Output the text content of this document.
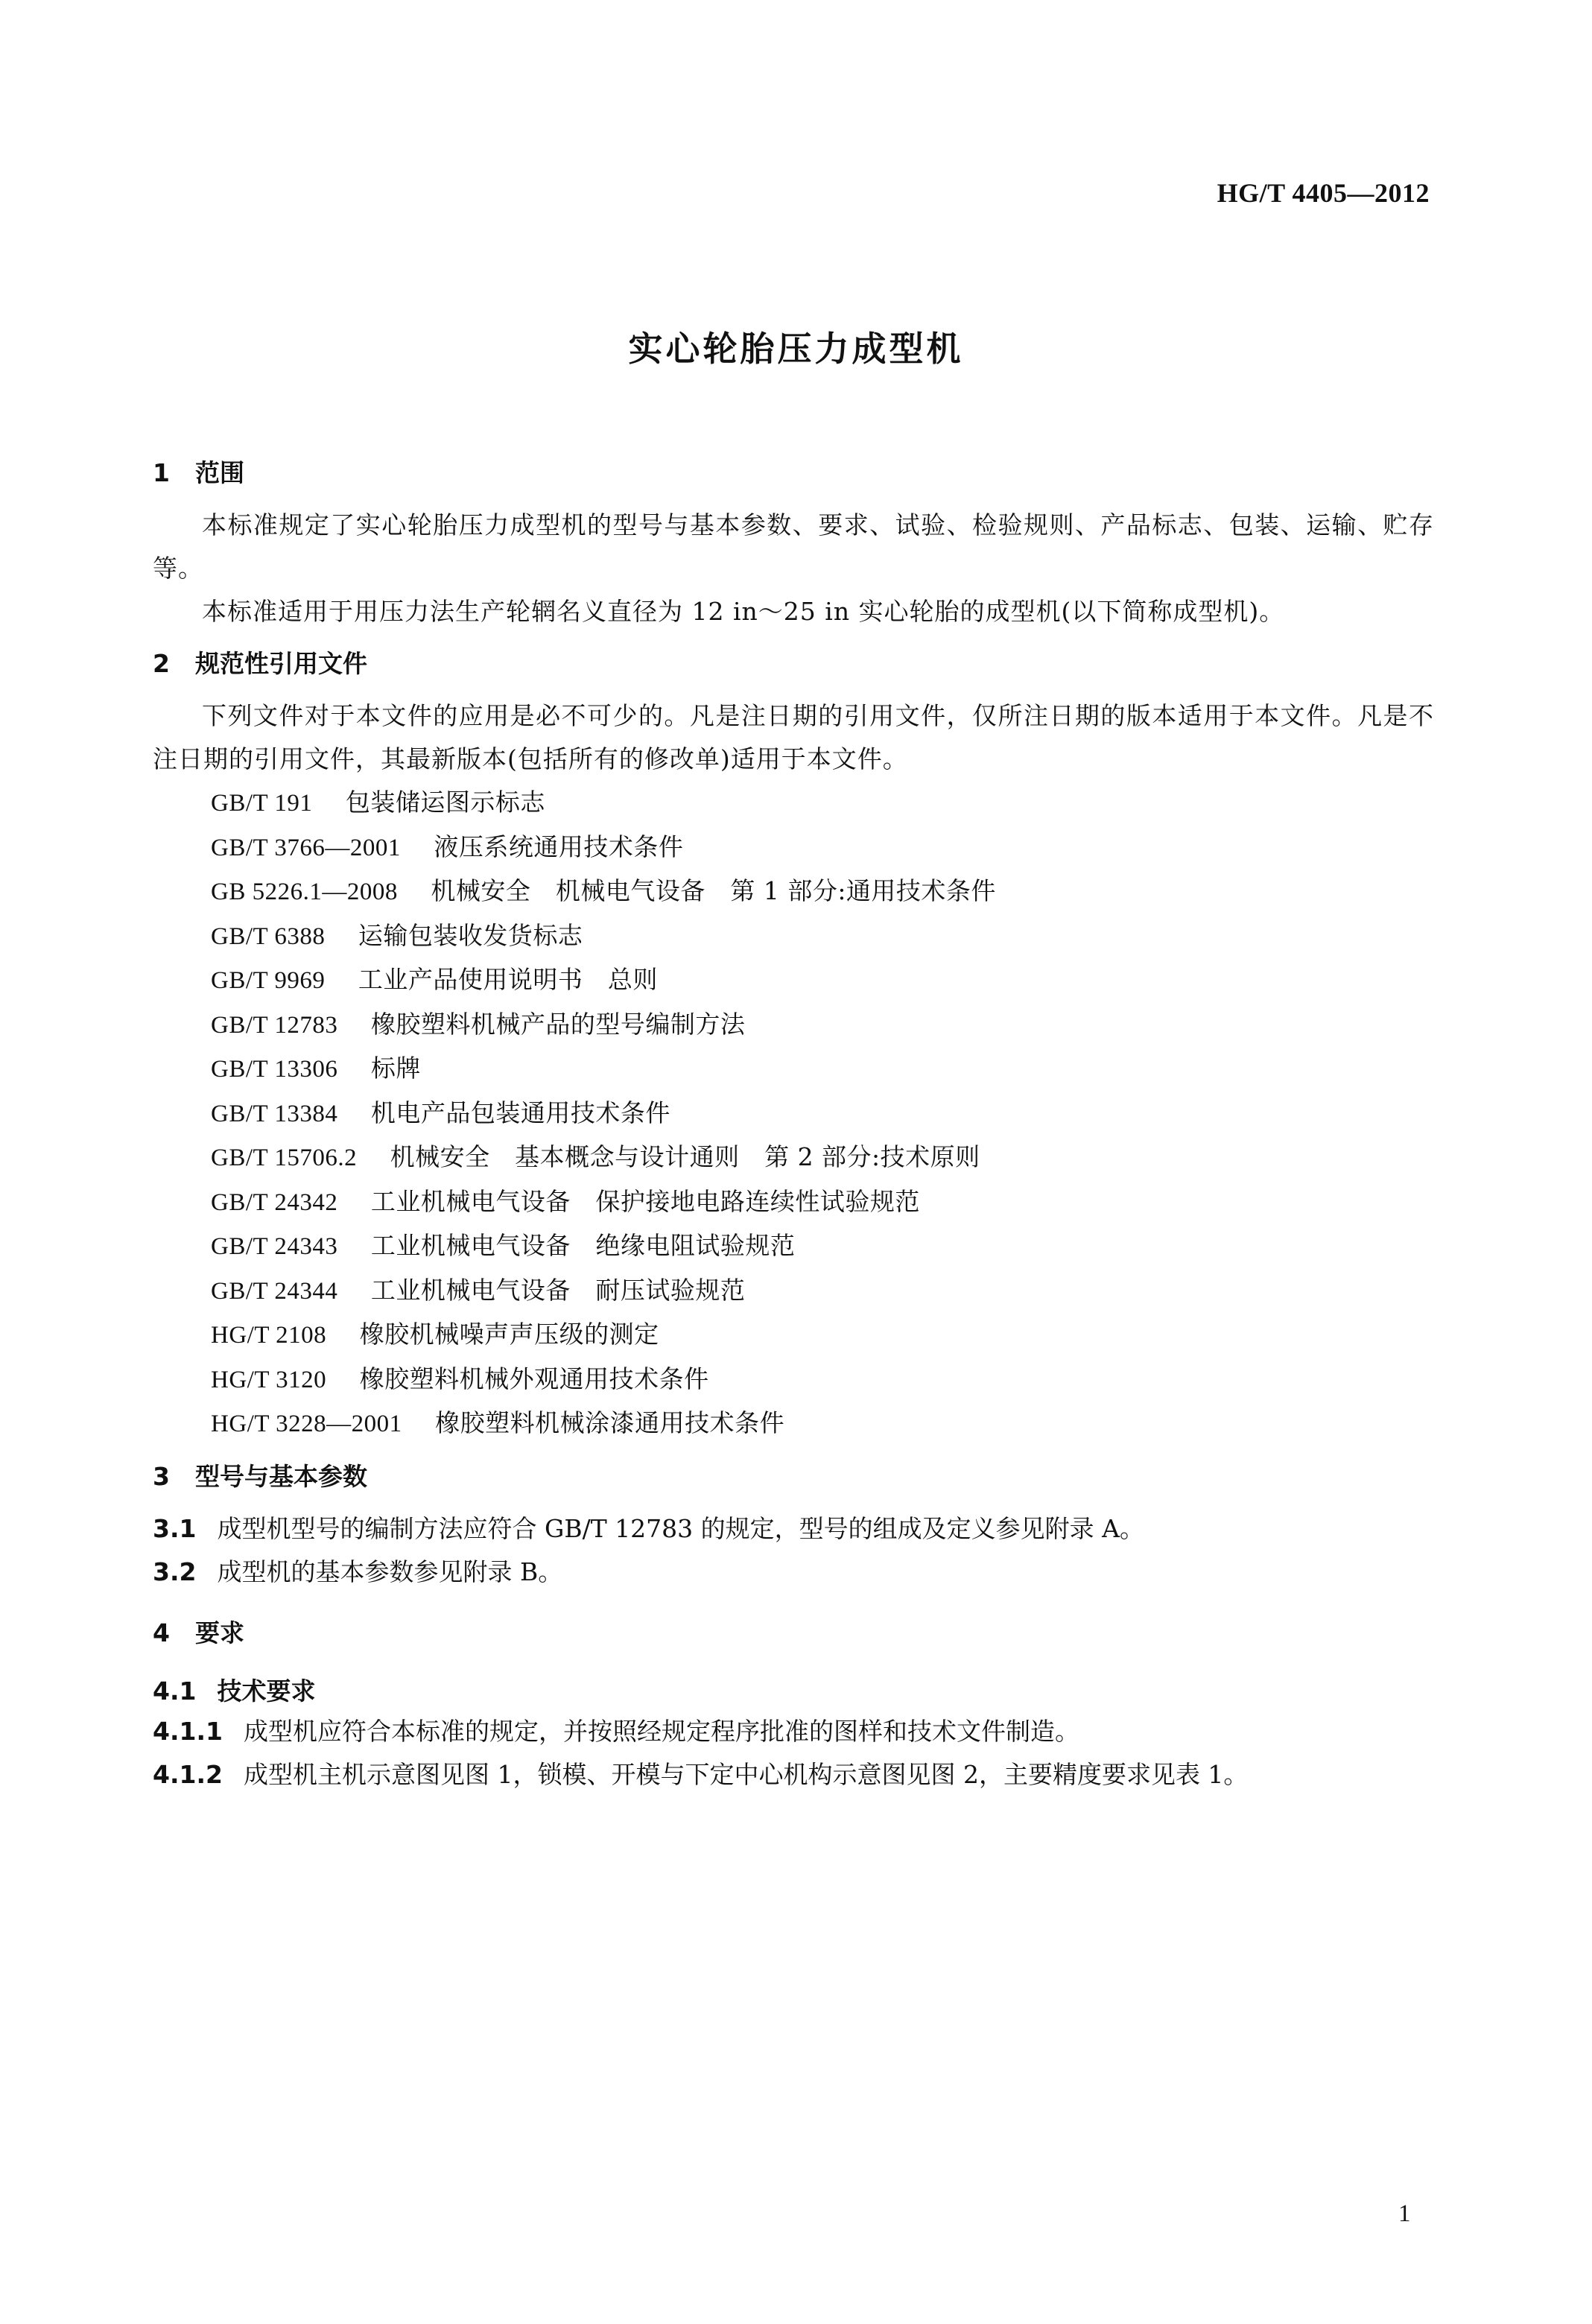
HG/T 4405—2012
实心轮胎压力成型机
1 范围
本标准规定了实心轮胎压力成型机的型号与基本参数、要求、试验、检验规则、产品标志、包装、运输、贮存等。
本标准适用于用压力法生产轮辋名义直径为 12 in～25 in 实心轮胎的成型机(以下简称成型机)。
2 规范性引用文件
下列文件对于本文件的应用是必不可少的。凡是注日期的引用文件，仅所注日期的版本适用于本文件。凡是不注日期的引用文件，其最新版本(包括所有的修改单)适用于本文件。
GB/T 191　 包装储运图示标志
GB/T 3766—2001　 液压系统通用技术条件
GB 5226.1—2008　 机械安全　机械电气设备　第 1 部分:通用技术条件
GB/T 6388　 运输包装收发货标志
GB/T 9969　 工业产品使用说明书　总则
GB/T 12783　 橡胶塑料机械产品的型号编制方法
GB/T 13306　 标牌
GB/T 13384　 机电产品包装通用技术条件
GB/T 15706.2　 机械安全　基本概念与设计通则　第 2 部分:技术原则
GB/T 24342　 工业机械电气设备　保护接地电路连续性试验规范
GB/T 24343　 工业机械电气设备　绝缘电阻试验规范
GB/T 24344　 工业机械电气设备　耐压试验规范
HG/T 2108　 橡胶机械噪声声压级的测定
HG/T 3120　 橡胶塑料机械外观通用技术条件
HG/T 3228—2001　 橡胶塑料机械涂漆通用技术条件
3 型号与基本参数
3.1 成型机型号的编制方法应符合 GB/T 12783 的规定，型号的组成及定义参见附录 A。
3.2 成型机的基本参数参见附录 B。
4 要求
4.1 技术要求
4.1.1 成型机应符合本标准的规定，并按照经规定程序批准的图样和技术文件制造。
4.1.2 成型机主机示意图见图 1，锁模、开模与下定中心机构示意图见图 2，主要精度要求见表 1。
1
